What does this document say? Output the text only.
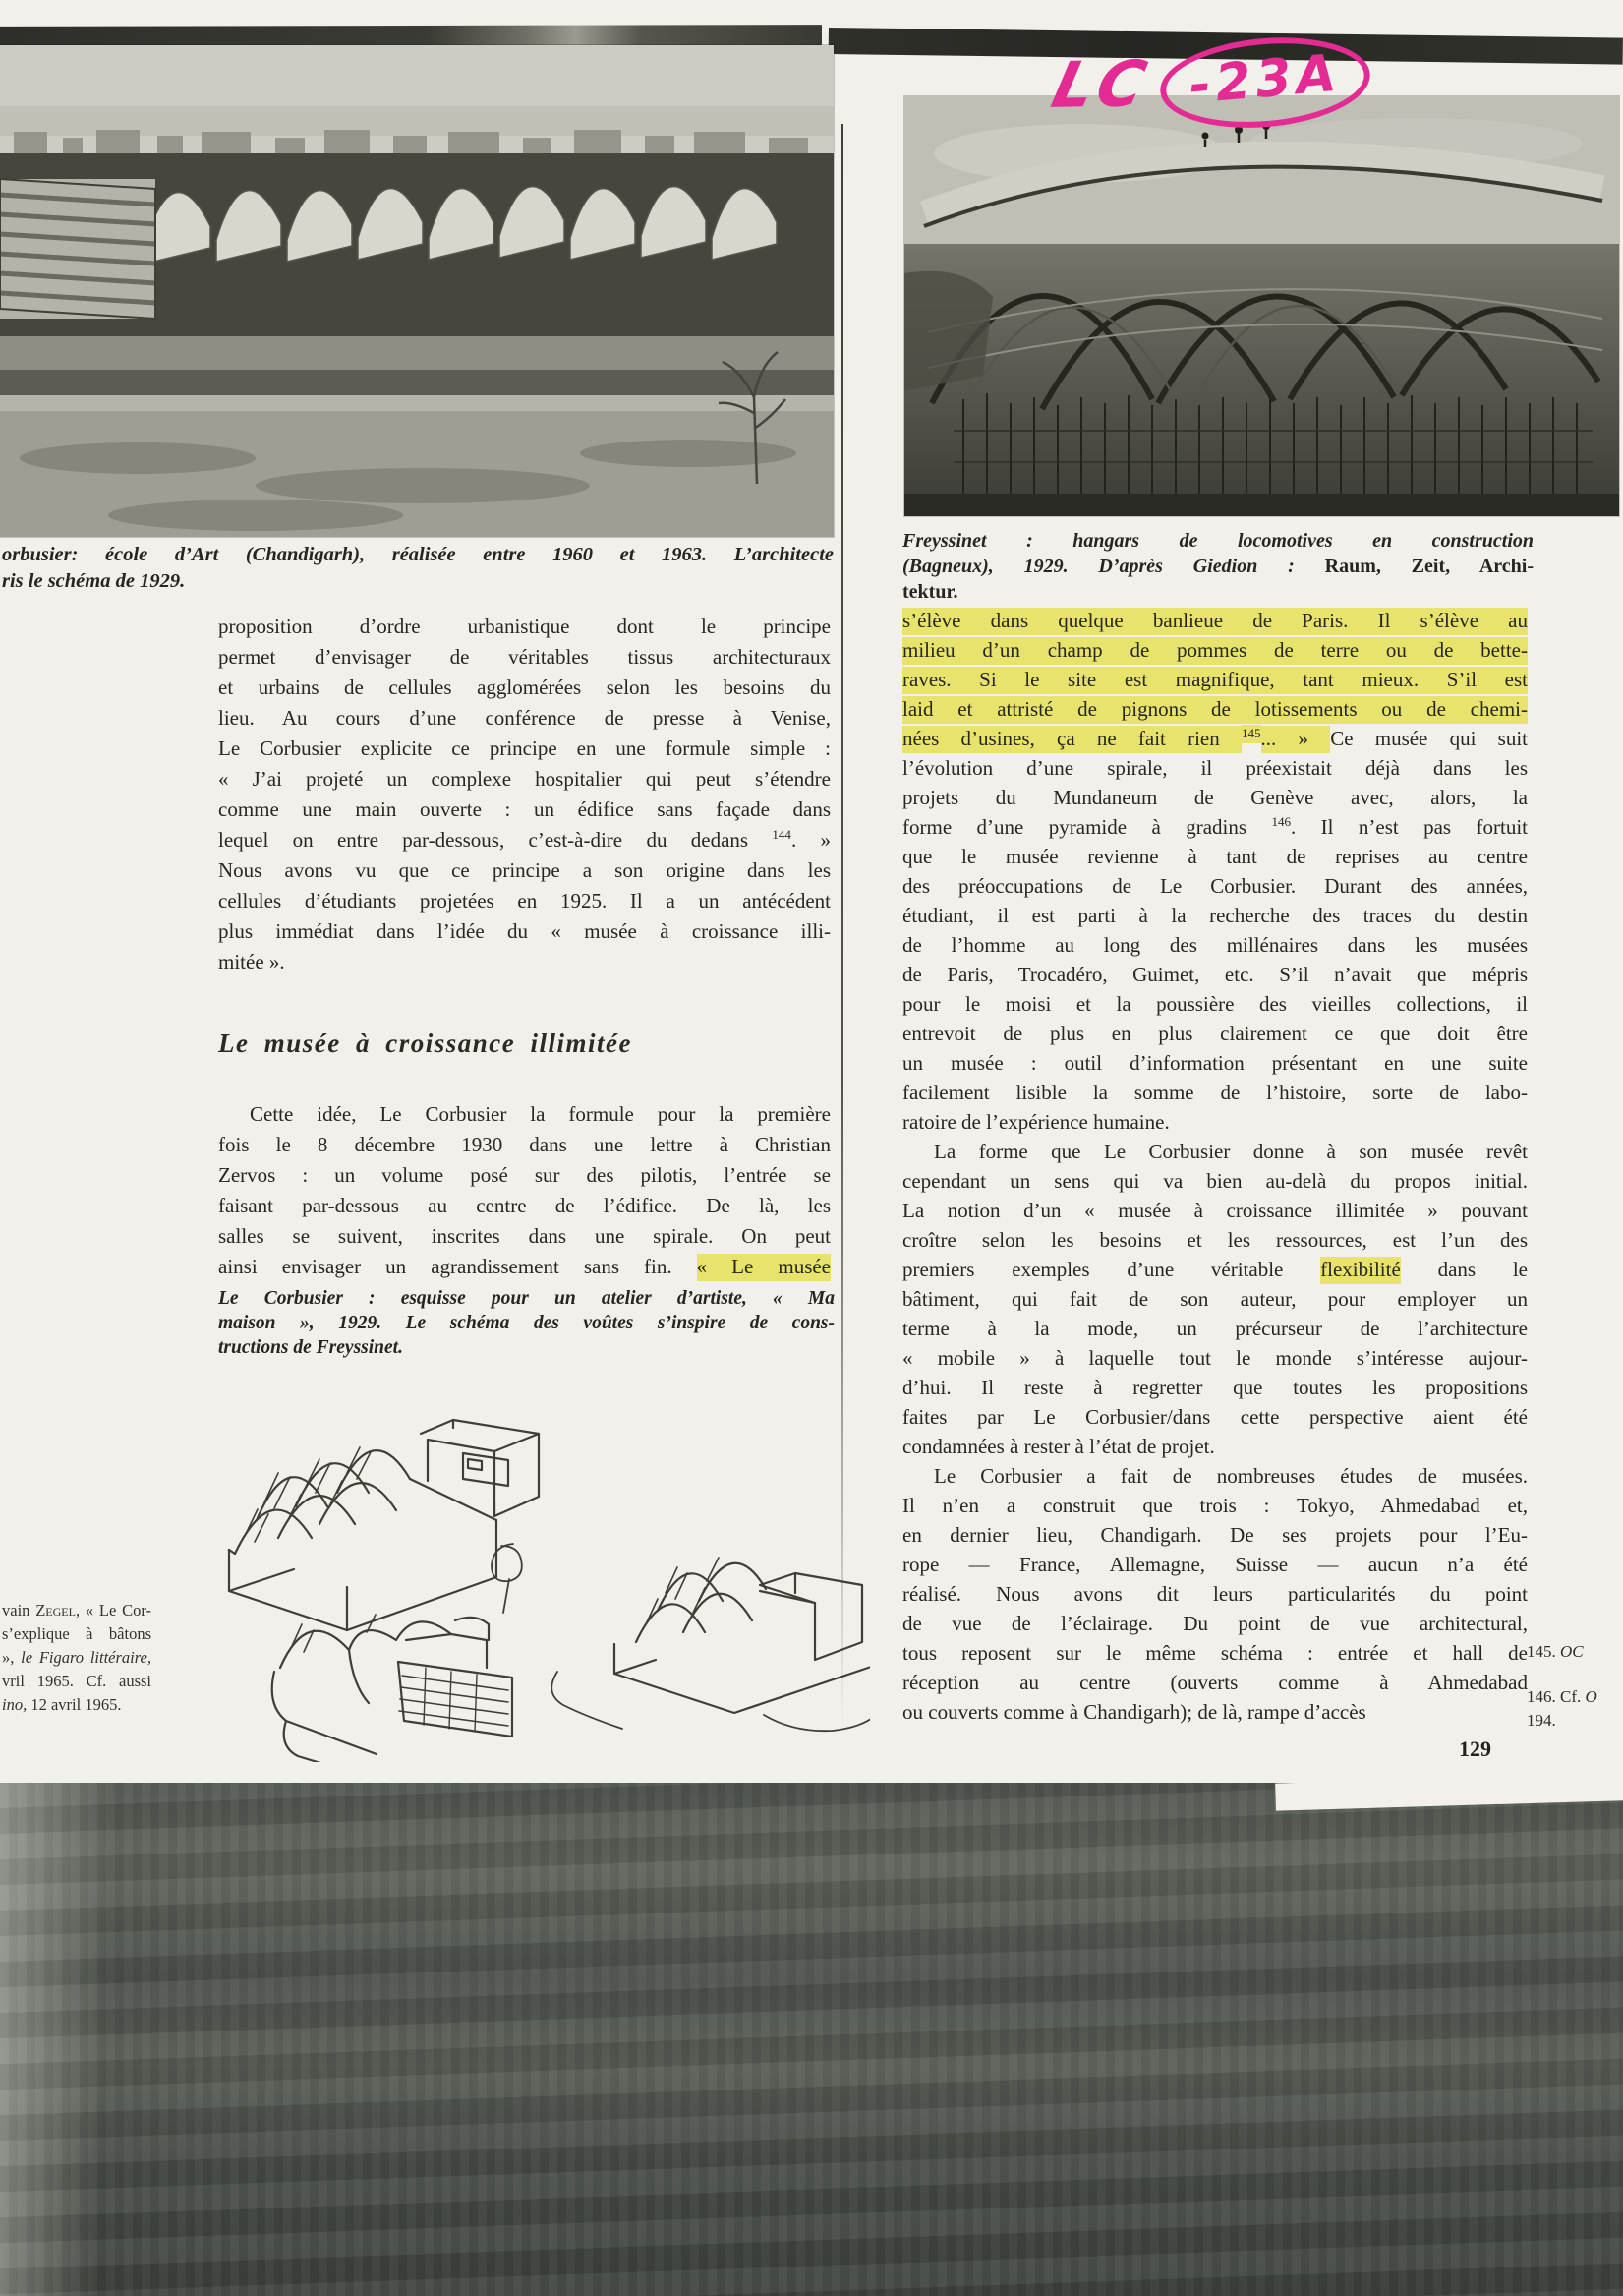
LC -23A
orbusier: école d’Art (Chandigarh), réalisée entre 1960 et 1963. L’architecte
ris le schéma de 1929.
Freyssinet : hangars de locomotives en construction
(Bagneux), 1929. D’après Giedion : Raum, Zeit, Archi-
tektur.
proposition d’ordre urbanistique dont le principe
permet d’envisager de véritables tissus architecturaux
et urbains de cellules agglomérées selon les besoins du
lieu. Au cours d’une conférence de presse à Venise,
Le Corbusier explicite ce principe en une formule simple :
« J’ai projeté un complexe hospitalier qui peut s’étendre
comme une main ouverte : un édifice sans façade dans
lequel on entre par-dessous, c’est-à-dire du dedans $^{144}$. »
Nous avons vu que ce principe a son origine dans les
cellules d’étudiants projetées en 1925. Il a un antécédent
plus immédiat dans l’idée du « musée à croissance illi-
mitée ».
Le musée à croissance illimitée
Cette idée, Le Corbusier la formule pour la première
fois le 8 décembre 1930 dans une lettre à Christian
Zervos : un volume posé sur des pilotis, l’entrée se
faisant par-dessous au centre de l’édifice. De là, les
salles se suivent, inscrites dans une spirale. On peut
ainsi envisager un agrandissement sans fin. « Le musée
Le Corbusier : esquisse pour un atelier d’artiste, « Ma
maison », 1929. Le schéma des voûtes s’inspire de cons-
tructions de Freyssinet.
vain Zegel, « Le Cor-
s’explique à bâtons
», le Figaro littéraire,
vril 1965. Cf. aussi
ino, 12 avril 1965.
s’élève dans quelque banlieue de Paris. Il s’élève au
milieu d’un champ de pommes de terre ou de bette-
raves. Si le site est magnifique, tant mieux. S’il est
laid et attristé de pignons de lotissements ou de chemi-
nées d’usines, ça ne fait rien $^{145}$... » Ce musée qui suit
l’évolution d’une spirale, il préexistait déjà dans les
projets du Mundaneum de Genève avec, alors, la
forme d’une pyramide à gradins $^{146}$. Il n’est pas fortuit
que le musée revienne à tant de reprises au centre
des préoccupations de Le Corbusier. Durant des années,
étudiant, il est parti à la recherche des traces du destin
de l’homme au long des millénaires dans les musées
de Paris, Trocadéro, Guimet, etc. S’il n’avait que mépris
pour le moisi et la poussière des vieilles collections, il
entrevoit de plus en plus clairement ce que doit être
un musée : outil d’information présentant en une suite
facilement lisible la somme de l’histoire, sorte de labo-
ratoire de l’expérience humaine.
La forme que Le Corbusier donne à son musée revêt
cependant un sens qui va bien au-delà du propos initial.
La notion d’un « musée à croissance illimitée » pouvant
croître selon les besoins et les ressources, est l’un des
premiers exemples d’une véritable flexibilité dans le
bâtiment, qui fait de son auteur, pour employer un
terme à la mode, un précurseur de l’architecture
« mobile » à laquelle tout le monde s’intéresse aujour-
d’hui. Il reste à regretter que toutes les propositions
faites par Le Corbusier/dans cette perspective aient été
condamnées à rester à l’état de projet.
Le Corbusier a fait de nombreuses études de musées.
Il n’en a construit que trois : Tokyo, Ahmedabad et,
en dernier lieu, Chandigarh. De ses projets pour l’Eu-
rope — France, Allemagne, Suisse — aucun n’a été
réalisé. Nous avons dit leurs particularités du point
de vue de l’éclairage. Du point de vue architectural,
tous reposent sur le même schéma : entrée et hall de
réception au centre (ouverts comme à Ahmedabad
ou couverts comme à Chandigarh); de là, rampe d’accès
145. OC
146. Cf. O
194.
129
